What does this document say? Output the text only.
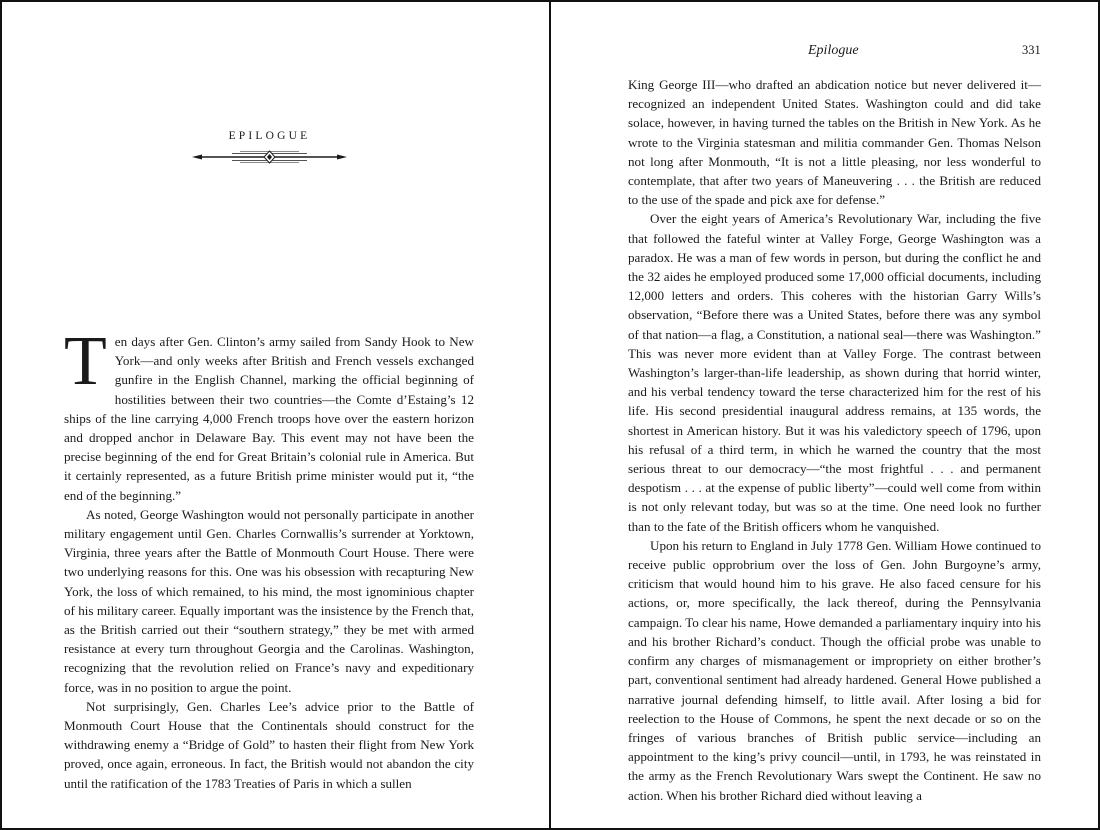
EPILOGUE

Ten days after Gen. Clinton’s army sailed from Sandy Hook to New York—and only weeks after British and French vessels exchanged gunfire in the English Channel, marking the official beginning of hostilities between their two countries—the Comte d’Estaing’s 12 ships of the line carrying 4,000 French troops hove over the eastern horizon and dropped anchor in Delaware Bay. This event may not have been the precise beginning of the end for Great Britain’s colonial rule in America. But it certainly represented, as a future British prime minister would put it, “the end of the beginning.”

As noted, George Washington would not personally participate in another military engagement until Gen. Charles Cornwallis’s surrender at Yorktown, Virginia, three years after the Battle of Monmouth Court House. There were two underlying reasons for this. One was his obsession with recapturing New York, the loss of which remained, to his mind, the most ignominious chapter of his military career. Equally important was the insistence by the French that, as the British carried out their “southern strategy,” they be met with armed resistance at every turn throughout Georgia and the Carolinas. Washington, recognizing that the revolution relied on France’s navy and expeditionary force, was in no position to argue the point.

Not surprisingly, Gen. Charles Lee’s advice prior to the Battle of Monmouth Court House that the Continentals should construct for the withdrawing enemy a “Bridge of Gold” to hasten their flight from New York proved, once again, erroneous. In fact, the British would not abandon the city until the ratification of the 1783 Treaties of Paris in which a sullen

Epilogue	331

King George III—who drafted an abdication notice but never delivered it—recognized an independent United States. Washington could and did take solace, however, in having turned the tables on the British in New York. As he wrote to the Virginia statesman and militia commander Gen. Thomas Nelson not long after Monmouth, “It is not a little pleasing, nor less wonderful to contemplate, that after two years of Maneuvering . . . the British are reduced to the use of the spade and pick axe for defense.”

Over the eight years of America’s Revolutionary War, including the five that followed the fateful winter at Valley Forge, George Washington was a paradox. He was a man of few words in person, but during the conflict he and the 32 aides he employed produced some 17,000 official documents, including 12,000 letters and orders. This coheres with the historian Garry Wills’s observation, “Before there was a United States, before there was any symbol of that nation—a flag, a Constitution, a national seal—there was Washington.” This was never more evident than at Valley Forge. The contrast between Washington’s larger-than-life leadership, as shown during that horrid winter, and his verbal tendency toward the terse characterized him for the rest of his life. His second presidential inaugural address remains, at 135 words, the shortest in American history. But it was his valedictory speech of 1796, upon his refusal of a third term, in which he warned the country that the most serious threat to our democracy—“the most frightful . . . and permanent despotism . . . at the expense of public liberty”—could well come from within is not only relevant today, but was so at the time. One need look no further than to the fate of the British officers whom he vanquished.

Upon his return to England in July 1778 Gen. William Howe continued to receive public opprobrium over the loss of Gen. John Burgoyne’s army, criticism that would hound him to his grave. He also faced censure for his actions, or, more specifically, the lack thereof, during the Pennsylvania campaign. To clear his name, Howe demanded a parliamentary inquiry into his and his brother Richard’s conduct. Though the official probe was unable to confirm any charges of mismanagement or impropriety on either brother’s part, conventional sentiment had already hardened. General Howe published a narrative journal defending himself, to little avail. After losing a bid for reelection to the House of Commons, he spent the next decade or so on the fringes of various branches of British public service—including an appointment to the king’s privy council—until, in 1793, he was reinstated in the army as the French Revolutionary Wars swept the Continent. He saw no action. When his brother Richard died without leaving a
